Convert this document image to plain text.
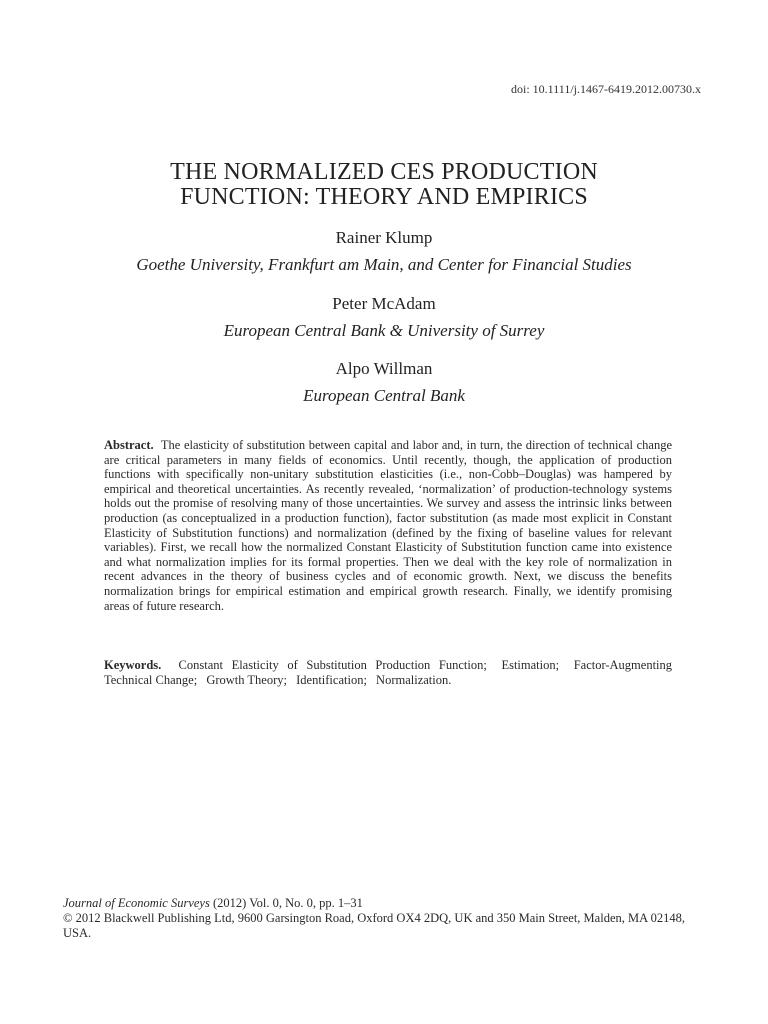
doi: 10.1111/j.1467-6419.2012.00730.x
THE NORMALIZED CES PRODUCTION
FUNCTION: THEORY AND EMPIRICS
Rainer Klump
Goethe University, Frankfurt am Main, and Center for Financial Studies
Peter McAdam
European Central Bank & University of Surrey
Alpo Willman
European Central Bank
Abstract. The elasticity of substitution between capital and labor and, in turn, the direction of technical change are critical parameters in many fields of economics. Until recently, though, the application of production functions with specifically non-unitary substitution elasticities (i.e., non-Cobb–Douglas) was hampered by empirical and theoretical uncertainties. As recently revealed, ‘normalization’ of production-technology systems holds out the promise of resolving many of those uncertainties. We survey and assess the intrinsic links between production (as conceptualized in a production function), factor substitution (as made most explicit in Constant Elasticity of Substitution functions) and normalization (defined by the fixing of baseline values for relevant variables). First, we recall how the normalized Constant Elasticity of Substitution function came into existence and what normalization implies for its formal properties. Then we deal with the key role of normalization in recent advances in the theory of business cycles and of economic growth. Next, we discuss the benefits normalization brings for empirical estimation and empirical growth research. Finally, we identify promising areas of future research.
Keywords. Constant Elasticity of Substitution Production Function; Estimation; Factor-Augmenting Technical Change; Growth Theory; Identification; Normalization.
Journal of Economic Surveys (2012) Vol. 0, No. 0, pp. 1–31
© 2012 Blackwell Publishing Ltd, 9600 Garsington Road, Oxford OX4 2DQ, UK and 350 Main Street, Malden, MA 02148, USA.
